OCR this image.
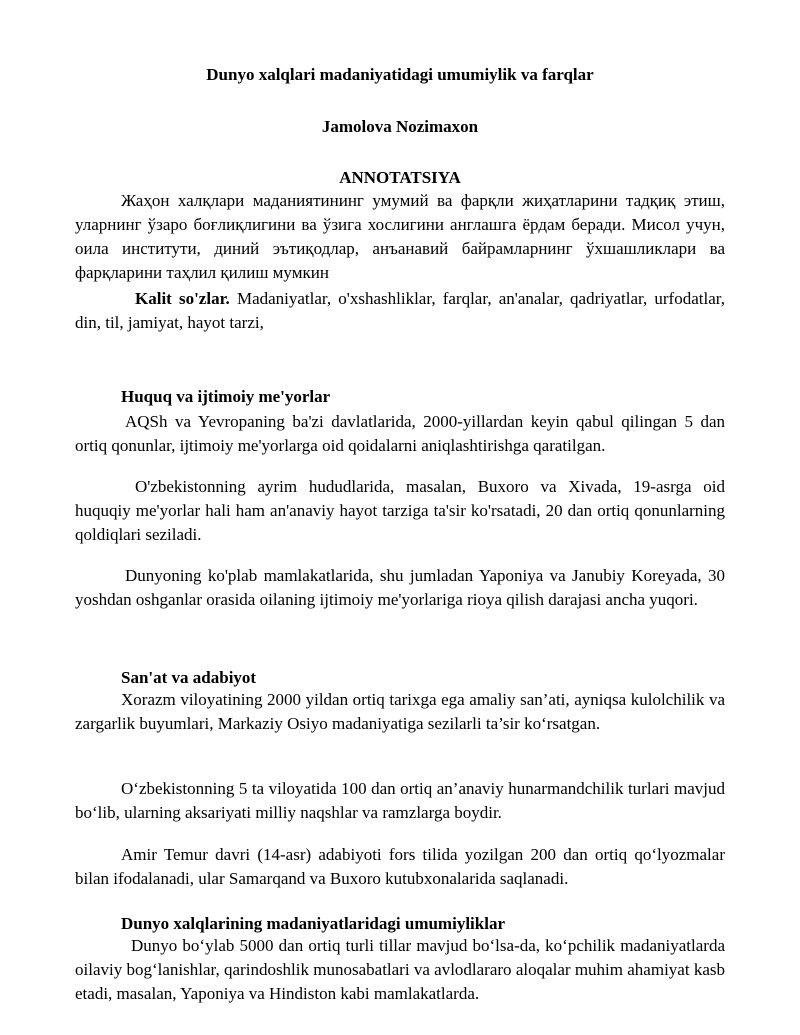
Dunyo xalqlari madaniyatidagi umumiylik va farqlar
Jamolova Nozimaxon
ANNOTATSIYA

Жаҳон халқлари маданиятининг умумий ва фарқли жиҳатларини тадқиқ этиш, уларнинг ўзаро боғлиқлигини ва ўзига хослигини англашга ёрдам беради. Мисол учун, оила институти, диний эътиқодлар, анъанавий байрамларнинг ўхшашликлари ва фарқларини таҳлил қилиш мумкин

Kalit so'zlar. Madaniyatlar, o'xshashliklar, farqlar, an'analar, qadriyatlar, urfodatlar, din, til, jamiyat, hayot tarzi,

Huquq va ijtimoiy me'yorlar

AQSh va Yevropaning ba'zi davlatlarida, 2000-yillardan keyin qabul qilingan 5 dan ortiq qonunlar, ijtimoiy me'yorlarga oid qoidalarni aniqlashtirishga qaratilgan.

O'zbekistonning ayrim hududlarida, masalan, Buxoro va Xivada, 19-asrga oid huquqiy me'yorlar hali ham an'anaviy hayot tarziga ta'sir ko'rsatadi, 20 dan ortiq qonunlarning qoldiqlari seziladi.

Dunyoning ko'plab mamlakatlarida, shu jumladan Yaponiya va Janubiy Koreyada, 30 yoshdan oshganlar orasida oilaning ijtimoiy me'yorlariga rioya qilish darajasi ancha yuqori.

San'at va adabiyot

Xorazm viloyatining 2000 yildan ortiq tarixga ega amaliy san’ati, ayniqsa kulolchilik va zargarlik buyumlari, Markaziy Osiyo madaniyatiga sezilarli ta’sir ko‘rsatgan.

O‘zbekistonning 5 ta viloyatida 100 dan ortiq an’anaviy hunarmandchilik turlari mavjud bo‘lib, ularning aksariyati milliy naqshlar va ramzlarga boydir.

Amir Temur davri (14-asr) adabiyoti fors tilida yozilgan 200 dan ortiq qo‘lyozmalar bilan ifodalanadi, ular Samarqand va Buxoro kutubxonalarida saqlanadi.

Dunyo xalqlarining madaniyatlaridagi umumiyliklar

Dunyo bo‘ylab 5000 dan ortiq turli tillar mavjud bo‘lsa-da, ko‘pchilik madaniyatlarda oilaviy bog‘lanishlar, qarindoshlik munosabatlari va avlodlararo aloqalar muhim ahamiyat kasb etadi, masalan, Yaponiya va Hindiston kabi mamlakatlarda.
